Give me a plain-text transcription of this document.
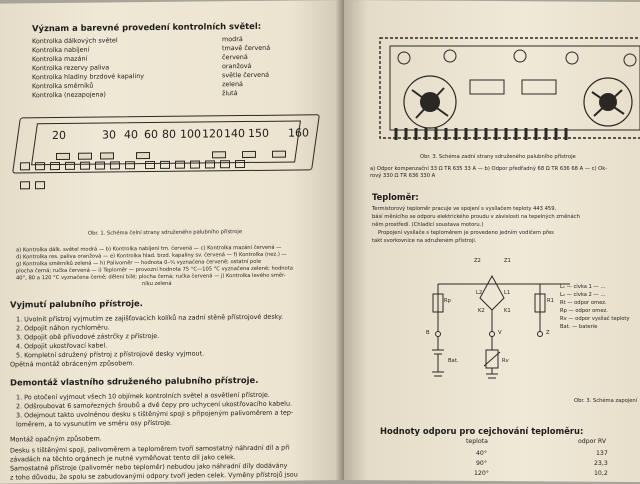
Význam a barevné provedení kontrolních světel:
Kontrolka dálkových světel	modrá
Kontrolka nabíjení	tmavě červená
Kontrolka mazání	červená
Kontrolka rezervy paliva	oranžová
Kontrolka hladiny brzdové kapaliny	světle červená
Kontrolka směrníků	zelená
Kontrolka (nezapojena)	žlutá
20	30 40 60 80 100 120 140 150 160

Obr. 1. Schéma čelní strany sdruženého palubního přístroje
a) Kontrolka dálk. světel modrá — b) Kontrolka nabíjení tm. červená — c) Kontrolka mazání červená —
d) Kontrolka res. paliva oranžová — e) Kontrolka hlad. brzd. kapaliny sv. červená — f) Kontrolka (nez.) —
g) Kontrolka směrníků zelená — h) Palivoměr — hodnota 0–¼ vyznačena červeně; ostatní pole
plocha černá; ručka červená — i) Teploměr — provozní hodnota 75 °C—105 °C vyznačena zeleně; hodnota
40°, 80 a 120 °C vyznačena černě; dělení bílé; plocha černá; ručka červená — j) Kontrolka levého směr-
níku zelená
Vyjmutí palubního přístroje.
1. Uvolnit přístroj vyjmutím ze zajišťovacích kolíků na zadní stěně přístrojové desky.
2. Odpojit náhon rychloměru.
3. Odpojit obě přívodové zástrčky z přístroje.
4. Odpojit ukostřovací kabel.
5. Kompletní sdružený přístroj z přístrojové desky vyjmout.
Opětná montáž obráceným způsobem.
Demontáž vlastního sdruženého palubního přístroje.
1. Po otočení vyjmout všech 10 objímek kontrolních světel a osvětlení přístroje.
2. Odšroubovat 6 samořezných šroubů a dvě čepy pro uchycení ukostřovacího kabelu.
3. Odejmout takto uvolněnou desku s tištěnými spoji s připojeným palivoměrem a tep-
loměrem, a to vysunutím ve směru osy přístroje.
Montáž opačným způsobem.
Desku s tištěnými spoji, palivoměrem a teploměrem tvoří samostatný náhradní díl a při
závadách na těchto orgánech je nutné vyměňovat tento díl jako celek.
Samostatné přístroje (palivoměr nebo teploměr) nebudou jako náhradní díly dodávány
z toho důvodu, že spolu se zabudovanými odpory tvoří jeden celek. Vyměny přístrojů jsou
Obr. 3. Schéma zadní strany sdruženého palubního přístroje
a) Odpor kompenzační 33 Ω TR 635 33 A — b) Odpor předřadný 68 Ω TR 636 68 A — c) Ok-
rový 330 Ω TR 636 330 A
Teploměr:
Termistorový teploměr pracuje ve spojení s vysílačem teploty 443 459,
básí měnícího se odporu elektrického proudu v závislosti na tepelných změnách
něm prostředí. (Chladicí soustava motoru.)
Propojení vysílače s teploměrem je provedeno jedním vodičem přes
takt svorkovnice na sdruženém přístroji.
Z2	Z1
L2	L1
K2	K1
Rp	R1
B	V	Z
Bat.	Rv
L₁ — cívka 1 — …
L₂ — cívka 2 — …
Rt — odpor omez.
Rp — odpor omez.
Rv — odpor vysílač teploty
Bat. — baterie
Obr. 3. Schéma zapojení
Hodnoty odporu pro cejchování teploměru:
teplota	odpor RV
40°	137
90°	23,3
120°	10,2
